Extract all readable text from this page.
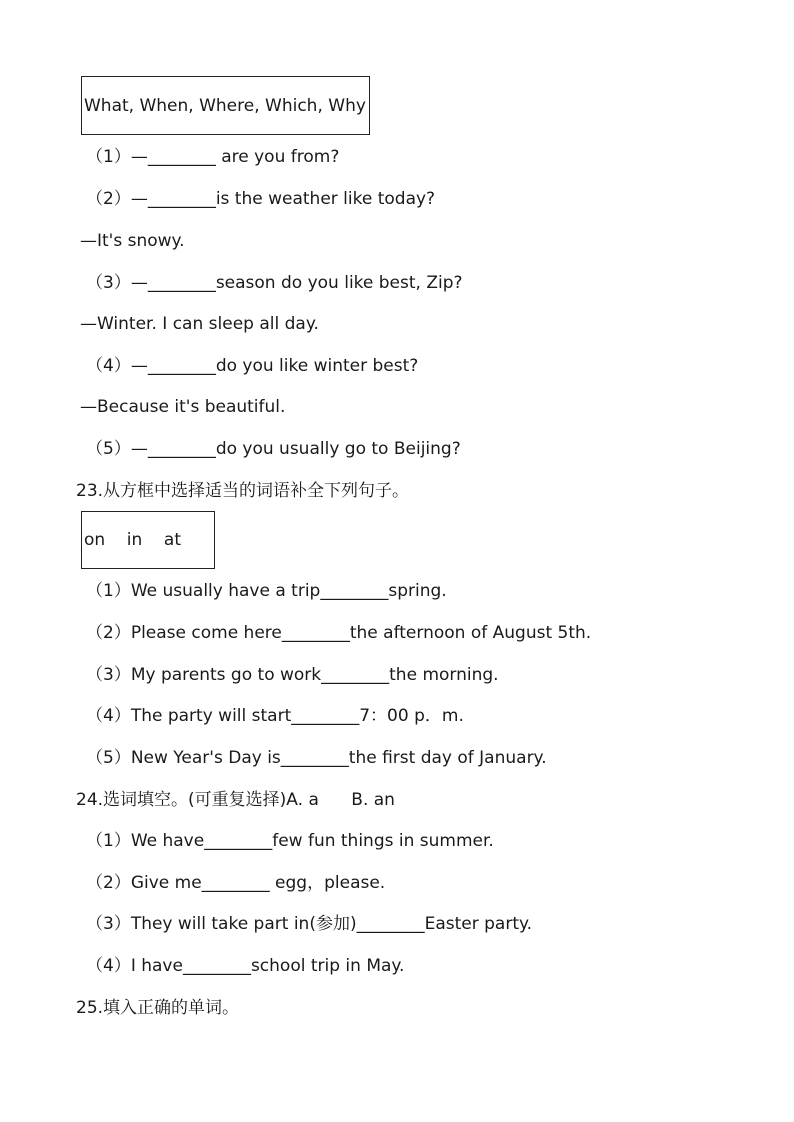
What, When, Where, Which, Why
（1）—________ are you from?
（2）—________is the weather like today?
—It's snowy.
（3）—________season do you like best, Zip?
—Winter. I can sleep all day.
（4）—________do you like winter best?
—Because it's beautiful.
（5）—________do you usually go to Beijing?
23.从方框中选择适当的词语补全下列句子。
on    in    at
（1）We usually have a trip________spring.
（2）Please come here________the afternoon of August 5th.
（3）My parents go to work________the morning.
（4）The party will start________7：00 p．m.
（5）New Year's Day is________the first day of January.
24.选词填空。(可重复选择)A. a      B. an
（1）We have________few fun things in summer.
（2）Give me________ egg，please.
（3）They will take part in(参加)________Easter party.
（4）I have________school trip in May.
25.填入正确的单词。
